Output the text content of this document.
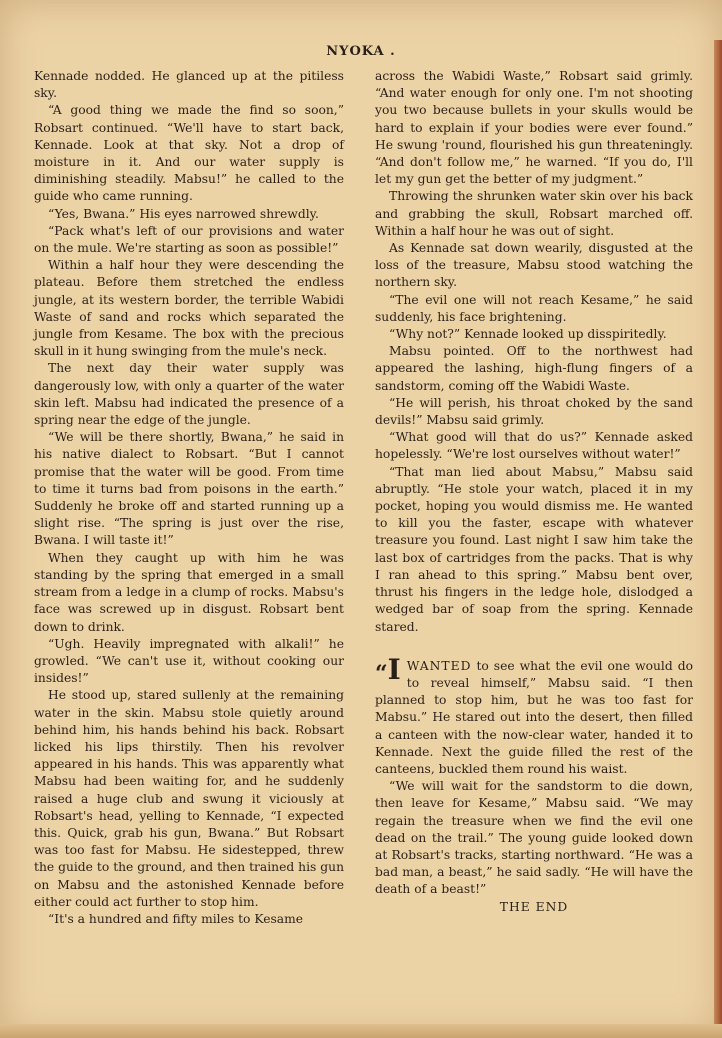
NYOKA .

Kennade nodded. He glanced up at the pitiless sky.

“A good thing we made the find so soon,” Robsart continued. “We'll have to start back, Kennade. Look at that sky. Not a drop of moisture in it. And our water supply is diminishing steadily. Mabsu!” he called to the guide who came running.

“Yes, Bwana.” His eyes narrowed shrewdly.

“Pack what's left of our provisions and water on the mule. We're starting as soon as possible!”

Within a half hour they were descending the plateau. Before them stretched the endless jungle, at its western border, the terrible Wabidi Waste of sand and rocks which separated the jungle from Kesame. The box with the precious skull in it hung swinging from the mule's neck.

The next day their water supply was dangerously low, with only a quarter of the water skin left. Mabsu had indicated the presence of a spring near the edge of the jungle.

“We will be there shortly, Bwana,” he said in his native dialect to Robsart. “But I cannot promise that the water will be good. From time to time it turns bad from poisons in the earth.” Suddenly he broke off and started running up a slight rise. “The spring is just over the rise, Bwana. I will taste it!”

When they caught up with him he was standing by the spring that emerged in a small stream from a ledge in a clump of rocks. Mabsu's face was screwed up in disgust. Robsart bent down to drink.

“Ugh. Heavily impregnated with alkali!” he growled. “We can't use it, without cooking our insides!”

He stood up, stared sullenly at the remaining water in the skin. Mabsu stole quietly around behind him, his hands behind his back. Robsart licked his lips thirstily. Then his revolver appeared in his hands. This was apparently what Mabsu had been waiting for, and he suddenly raised a huge club and swung it viciously at Robsart's head, yelling to Kennade, “I expected this. Quick, grab his gun, Bwana.” But Robsart was too fast for Mabsu. He sidestepped, threw the guide to the ground, and then trained his gun on Mabsu and the astonished Kennade before either could act further to stop him.

“It's a hundred and fifty miles to Kesame

across the Wabidi Waste,” Robsart said grimly. “And water enough for only one. I'm not shooting you two because bullets in your skulls would be hard to explain if your bodies were ever found.” He swung 'round, flourished his gun threateningly. “And don't follow me,” he warned. “If you do, I'll let my gun get the better of my judgment.”

Throwing the shrunken water skin over his back and grabbing the skull, Robsart marched off. Within a half hour he was out of sight.

As Kennade sat down wearily, disgusted at the loss of the treasure, Mabsu stood watching the northern sky.

“The evil one will not reach Kesame,” he said suddenly, his face brightening.

“Why not?” Kennade looked up disspiritedly.

Mabsu pointed. Off to the northwest had appeared the lashing, high-flung fingers of a sandstorm, coming off the Wabidi Waste.

“He will perish, his throat choked by the sand devils!” Mabsu said grimly.

“What good will that do us?” Kennade asked hopelessly. “We're lost ourselves without water!”

“That man lied about Mabsu,” Mabsu said abruptly. “He stole your watch, placed it in my pocket, hoping you would dismiss me. He wanted to kill you the faster, escape with whatever treasure you found. Last night I saw him take the last box of cartridges from the packs. That is why I ran ahead to this spring.” Mabsu bent over, thrust his fingers in the ledge hole, dislodged a wedged bar of soap from the spring. Kennade stared.

“I WANTED to see what the evil one would do to reveal himself,” Mabsu said. “I then planned to stop him, but he was too fast for Mabsu.” He stared out into the desert, then filled a canteen with the now-clear water, handed it to Kennade. Next the guide filled the rest of the canteens, buckled them round his waist.

“We will wait for the sandstorm to die down, then leave for Kesame,” Mabsu said. “We may regain the treasure when we find the evil one dead on the trail.” The young guide looked down at Robsart's tracks, starting northward. “He was a bad man, a beast,” he said sadly. “He will have the death of a beast!”

THE END
